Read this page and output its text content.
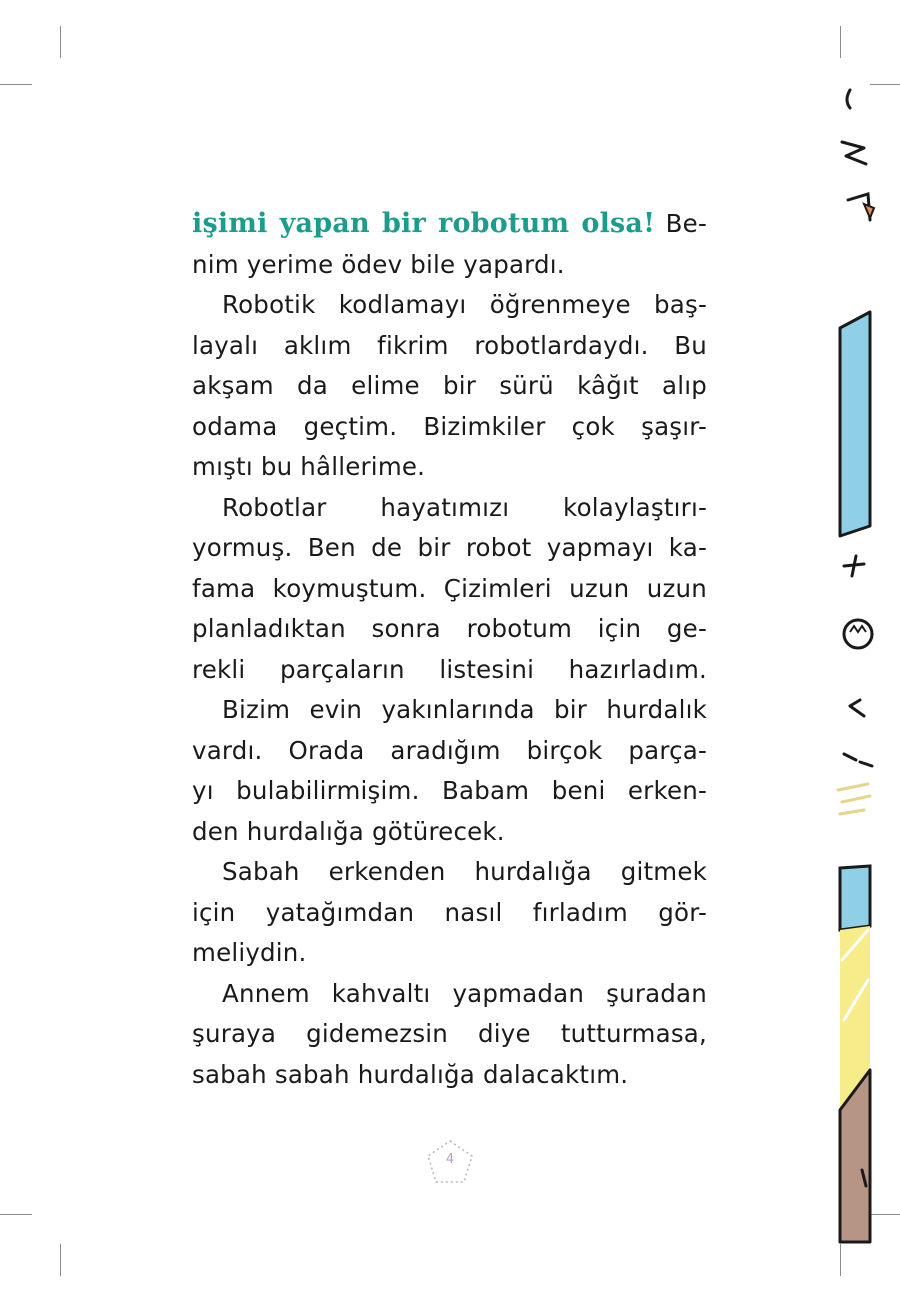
işimi yapan bir robotum olsa! Be-
nim yerime ödev bile yapardı.
Robotik kodlamayı öğrenmeye baş-
layalı aklım fikrim robotlardaydı. Bu
akşam da elime bir sürü kâğıt alıp
odama geçtim. Bizimkiler çok şaşır-
mıştı bu hâllerime.
Robotlar hayatımızı kolaylaştırı-
yormuş. Ben de bir robot yapmayı ka-
fama koymuştum. Çizimleri uzun uzun
planladıktan sonra robotum için ge-
rekli parçaların listesini hazırladım.
Bizim evin yakınlarında bir hurdalık
vardı. Orada aradığım birçok parça-
yı bulabilirmişim. Babam beni erken-
den hurdalığa götürecek.
Sabah erkenden hurdalığa gitmek
için yatağımdan nasıl fırladım gör-
meliydin.
Annem kahvaltı yapmadan şuradan
şuraya gidemezsin diye tutturmasa,
sabah sabah hurdalığa dalacaktım.
4
